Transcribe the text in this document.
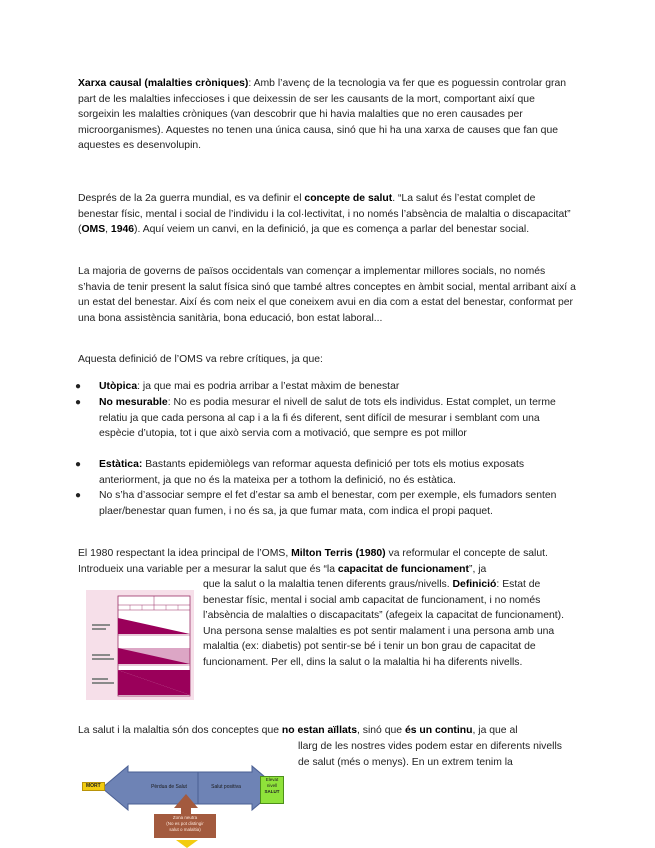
Xarxa causal (malalties cròniques): Amb l’avenç de la tecnologia va fer que es poguessin controlar gran part de les malalties infeccioses i que deixessin de ser les causants de la mort, comportant així que sorgeixin les malalties cròniques (van descobrir que hi havia malalties que no eren causades per microorganismes). Aquestes no tenen una única causa, sinó que hi ha una xarxa de causes que fan que aquestes es desenvolupin.

Després de la 2a guerra mundial, es va definir el concepte de salut. “La salut és l’estat complet de benestar físic, mental i social de l’individu i la col·lectivitat, i no només l’absència de malaltia o discapacitat” (OMS, 1946). Aquí veiem un canvi, en la definició, ja que es comença a parlar del benestar social.

La majoria de governs de països occidentals van començar a implementar millores socials, no només s’havia de tenir present la salut física sinó que també altres conceptes en àmbit social, mental arribant així a un estat del benestar. Així és com neix el que coneixem avui en dia com a estat del benestar, conformat per una bona assistència sanitària, bona educació, bon estat laboral...

Aquesta definició de l’OMS va rebre crítiques, ja que:

● Utòpica: ja que mai es podria arribar a l’estat màxim de benestar
● No mesurable: No es podia mesurar el nivell de salut de tots els individus. Estat complet, un terme relatiu ja que cada persona al cap i a la fi és diferent, sent difícil de mesurar i semblant com una espècie d’utopia, tot i que això servia com a motivació, que sempre es pot millor
● Estàtica: Bastants epidemiòlegs van reformar aquesta definició per tots els motius exposats anteriorment, ja que no és la mateixa per a tothom la definició, no és estàtica.
● No s’ha d’associar sempre el fet d’estar sa amb el benestar, com per exemple, els fumadors senten plaer/benestar quan fumen, i no és sa, ja que fumar mata, com indica el propi paquet.

El 1980 respectant la idea principal de l’OMS, Milton Terris (1980) va reformular el concepte de salut. Introdueix una variable per a mesurar la salut que és “la capacitat de funcionament”, ja

que la salut o la malaltia tenen diferents graus/nivells. Definició: Estat de benestar físic, mental i social amb capacitat de funcionament, i no només l’absència de malalties o discapacitats” (afegeix la capacitat de funcionament). Una persona sense malalties es pot sentir malament i una persona amb una malaltia (ex: diabetis) pot sentir-se bé i tenir un bon grau de capacitat de funcionament. Per ell, dins la salut o la malaltia hi ha diferents nivells.

La salut i la malaltia són dos conceptes que no estan aïllats, sinó que és un continu, ja que al

llarg de les nostres vides podem estar en diferents nivells de salut (més o menys). En un extrem tenim la

MORT	Pèrdua de Salut	Salut positiva
Elevat
nivell
SALUT
Zona neutra
(No es pot distingir
salut o malaltia)
